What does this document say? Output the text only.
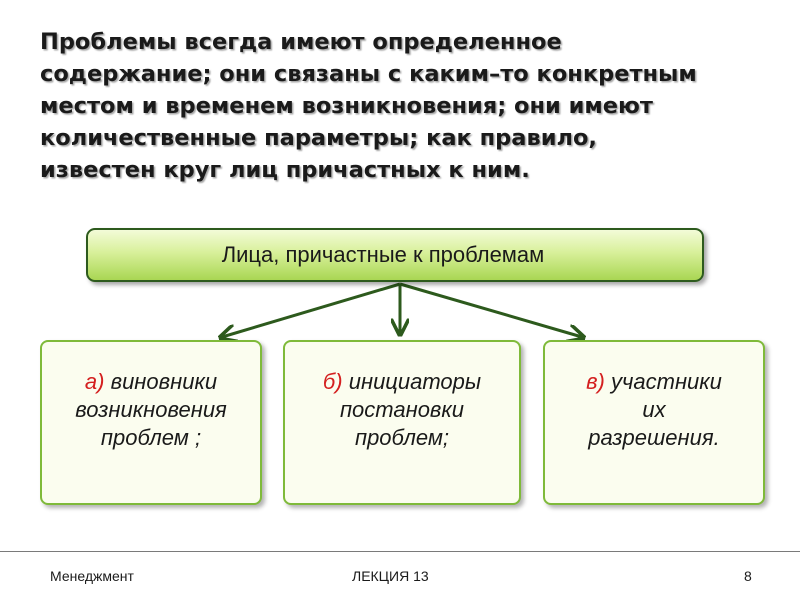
Проблемы всегда имеют определенное
содержание; они связаны с каким–то конкретным
местом и временем возникновения; они имеют
количественные параметры; как правило,
известен круг лиц причастных к ним.
Лица, причастные к проблемам
а) виновники
возникновения
проблем ;
б) инициаторы
постановки
проблем;
в) участники
их
разрешения.
Менеджмент	ЛЕКЦИЯ 13	8
